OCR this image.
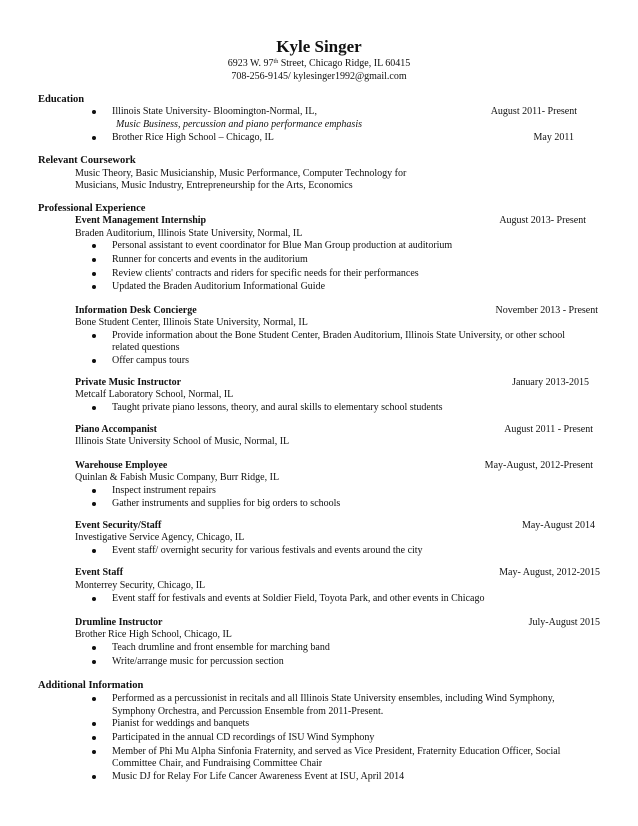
Kyle Singer
6923 W. 97th Street, Chicago Ridge, IL 60415
708-256-9145/ kylesinger1992@gmail.com
Education
Illinois State University- Bloomington-Normal, IL,	August 2011- Present
Music Business, percussion and piano performance emphasis
Brother Rice High School – Chicago, IL	May 2011
Relevant Coursework
Music Theory, Basic Musicianship, Music Performance, Computer Technology for
Musicians, Music Industry, Entrepreneurship for the Arts, Economics
Professional Experience
Event Management Internship	August 2013- Present
Braden Auditorium, Illinois State University, Normal, IL
Personal assistant to event coordinator for Blue Man Group production at auditorium
Runner for concerts and events in the auditorium
Review clients' contracts and riders for specific needs for their performances
Updated the Braden Auditorium Informational Guide
Information Desk Concierge	November 2013 - Present
Bone Student Center, Illinois State University, Normal, IL
Provide information about the Bone Student Center, Braden Auditorium, Illinois State University, or other school
related questions
Offer campus tours
Private Music Instructor	January 2013-2015
Metcalf Laboratory School, Normal, IL
Taught private piano lessons, theory, and aural skills to elementary school students
Piano Accompanist	August 2011 - Present
Illinois State University School of Music, Normal, IL
Warehouse Employee	May-August, 2012-Present
Quinlan & Fabish Music Company, Burr Ridge, IL
Inspect instrument repairs
Gather instruments and supplies for big orders to schools
Event Security/Staff	May-August 2014
Investigative Service Agency, Chicago, IL
Event staff/ overnight security for various festivals and events around the city
Event Staff	May- August, 2012-2015
Monterrey Security, Chicago, IL
Event staff for festivals and events at Soldier Field, Toyota Park, and other events in Chicago
Drumline Instructor	July-August 2015
Brother Rice High School, Chicago, IL
Teach drumline and front ensemble for marching band
Write/arrange music for percussion section
Additional Information
Performed as a percussionist in recitals and all Illinois State University ensembles, including Wind Symphony,
Symphony Orchestra, and Percussion Ensemble from 2011-Present.
Pianist for weddings and banquets
Participated in the annual CD recordings of ISU Wind Symphony
Member of Phi Mu Alpha Sinfonia Fraternity, and served as Vice President, Fraternity Education Officer, Social
Committee Chair, and Fundraising Committee Chair
Music DJ for Relay For Life Cancer Awareness Event at ISU, April 2014
